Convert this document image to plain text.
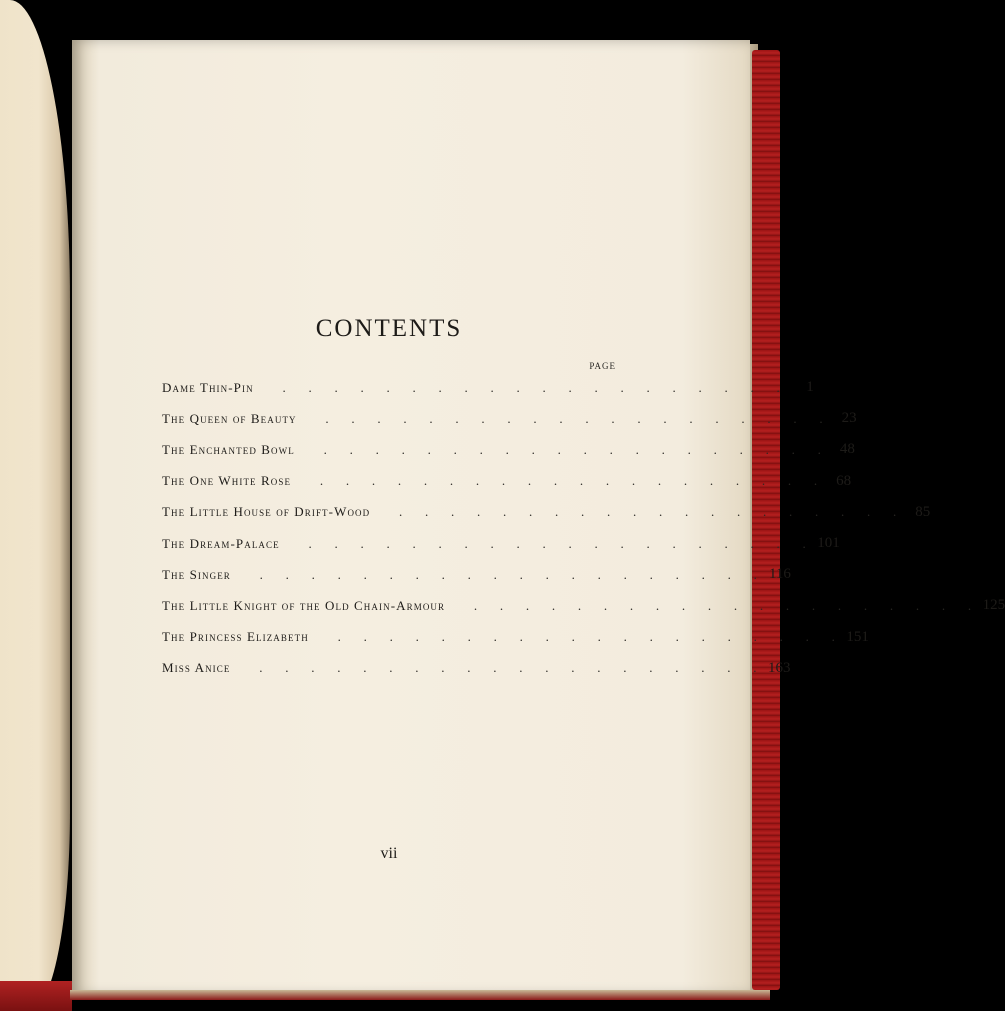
CONTENTS
PAGE
Dame Thin-Pin .       .       .       .       .       .       .       .       .       .       .       .       .       .       .       .       .       .       .       .	1
The Queen of Beauty .       .       .       .       .       .       .       .       .       .       .       .       .       .       .       .       .       .       .       .	23
The Enchanted Bowl .       .       .       .       .       .       .       .       .       .       .       .       .       .       .       .       .       .       .       .	48
The One White Rose .       .       .       .       .       .       .       .       .       .       .       .       .       .       .       .       .       .       .       .	68
The Little House of Drift-Wood .       .       .       .       .       .       .       .       .       .       .       .       .       .       .       .       .       .       .       .	85
The Dream-Palace .       .       .       .       .       .       .       .       .       .       .       .       .       .       .       .       .       .       .       . 101
The Singer .       .       .       .       .       .       .       .       .       .       .       .       .       .       .       .       .       .       .       . 116
The Little Knight of the Old Chain-Armour .       .       .       .       .       .       .       .       .       .       .       .       .       .       .       .       .       .       .       . 125
The Princess Elizabeth .       .       .       .       .       .       .       .       .       .       .       .       .       .       .       .       .       .       .       . 151
Miss Anice .       .       .       .       .       .       .       .       .       .       .       .       .       .       .       .       .       .       .       . 163
vii
